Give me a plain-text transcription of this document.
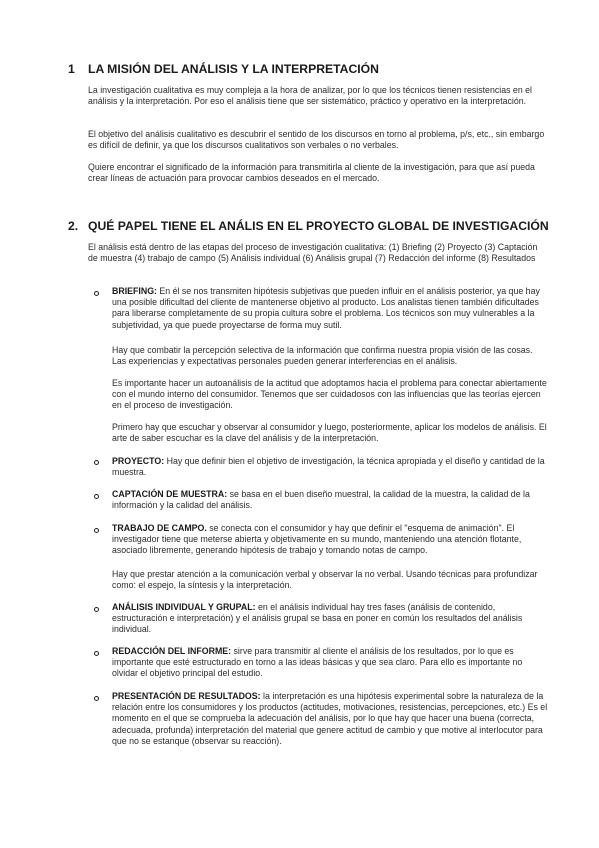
1 LA MISIÓN DEL ANÁLISIS Y LA INTERPRETACIÓN

La investigación cualitativa es muy compleja a la hora de analizar, por lo que los técnicos tienen resistencias en el análisis y la interpretación. Por eso el análisis tiene que ser sistemático, práctico y operativo en la interpretación.

El objetivo del análisis cualitativo es descubrir el sentido de los discursos en torno al problema, p/s, etc., sin embargo es difícil de definir, ya que los discursos cualitativos son verbales o no verbales.

Quiere encontrar el significado de la información para transmitirla al cliente de la investigación, para que así pueda crear líneas de actuación para provocar cambios deseados en el mercado.

2. QUÉ PAPEL TIENE EL ANÁLIS EN EL PROYECTO GLOBAL DE INVESTIGACIÓN

El análisis está dentro de las etapas del proceso de investigación cualitativa: (1) Briefing (2) Proyecto (3) Captación de muestra (4) trabajo de campo (5) Análisis individual (6) Análisis grupal (7) Redacción del informe (8) Resultados

BRIEFING: En él se nos transmiten hipótesis subjetivas que pueden influir en el análisis posterior, ya que hay una posible dificultad del cliente de mantenerse objetivo al producto. Los analistas tienen también dificultades para liberarse completamente de su propia cultura sobre el problema. Los técnicos son muy vulnerables a la subjetividad, ya que puede proyectarse de forma muy sutil.

Hay que combatir la percepción selectiva de la información que confirma nuestra propia visión de las cosas. Las experiencias y expectativas personales pueden generar interferencias en el análisis.

Es importante hacer un autoanálisis de la actitud que adoptamos hacia el problema para conectar abiertamente con el mundo interno del consumidor. Tenemos que ser cuidadosos con las influencias que las teorías ejercen en el proceso de investigación.

Primero hay que escuchar y observar al consumidor y luego, posteriormente, aplicar los modelos de análisis. El arte de saber escuchar es la clave del análisis y de la interpretación.

PROYECTO: Hay que definir bien el objetivo de investigación, la técnica apropiada y el diseño y cantidad de la muestra.

CAPTACIÓN DE MUESTRA: se basa en el buen diseño muestral, la calidad de la muestra, la calidad de la información y la calidad del análisis.

TRABAJO DE CAMPO. se conecta con el consumidor y hay que definir el "esquema de animación". El investigador tiene que meterse abierta y objetivamente en su mundo, manteniendo una atención flotante, asociado libremente, generando hipótesis de trabajo y tomando notas de campo.

Hay que prestar atención a la comunicación verbal y observar la no verbal. Usando técnicas para profundizar como: el espejo, la síntesis y la interpretación.

ANÁLISIS INDIVIDUAL Y GRUPAL: en el análisis individual hay tres fases (análisis de contenido, estructuración e interpretación) y el análisis grupal se basa en poner en común los resultados del análisis individual.

REDACCIÓN DEL INFORME: sirve para transmitir al cliente el análisis de los resultados, por lo que es importante que esté estructurado en torno a las ideas básicas y que sea claro. Para ello es importante no olvidar el objetivo principal del estudio.

PRESENTACIÓN DE RESULTADOS: la interpretación es una hipótesis experimental sobre la naturaleza de la relación entre los consumidores y los productos (actitudes, motivaciones, resistencias, percepciones, etc.) Es el momento en el que se comprueba la adecuación del análisis, por lo que hay que hacer una buena (correcta, adecuada, profunda) interpretación del material que genere actitud de cambio y que motive al interlocutor para que no se estanque (observar su reacción).
